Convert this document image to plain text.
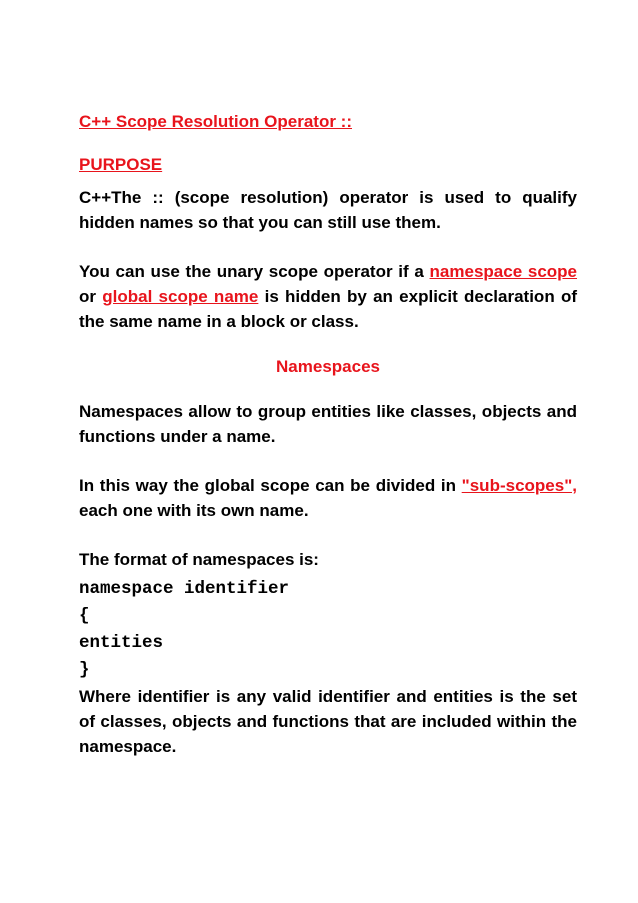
C++ Scope Resolution Operator ::
PURPOSE

C++The :: (scope resolution) operator is used to qualify hidden names so that you can still use them.

You can use the unary scope operator if a namespace scope or global scope name is hidden by an explicit declaration of the same name in a block or class.

Namespaces

Namespaces allow to group entities like classes, objects and functions under a name.

In this way the global scope can be divided in "sub-scopes", each one with its own name.

The format of namespaces is:

namespace identifier
{
entities
}

Where identifier is any valid identifier and entities is the set of classes, objects and functions that are included within the

namespace.
